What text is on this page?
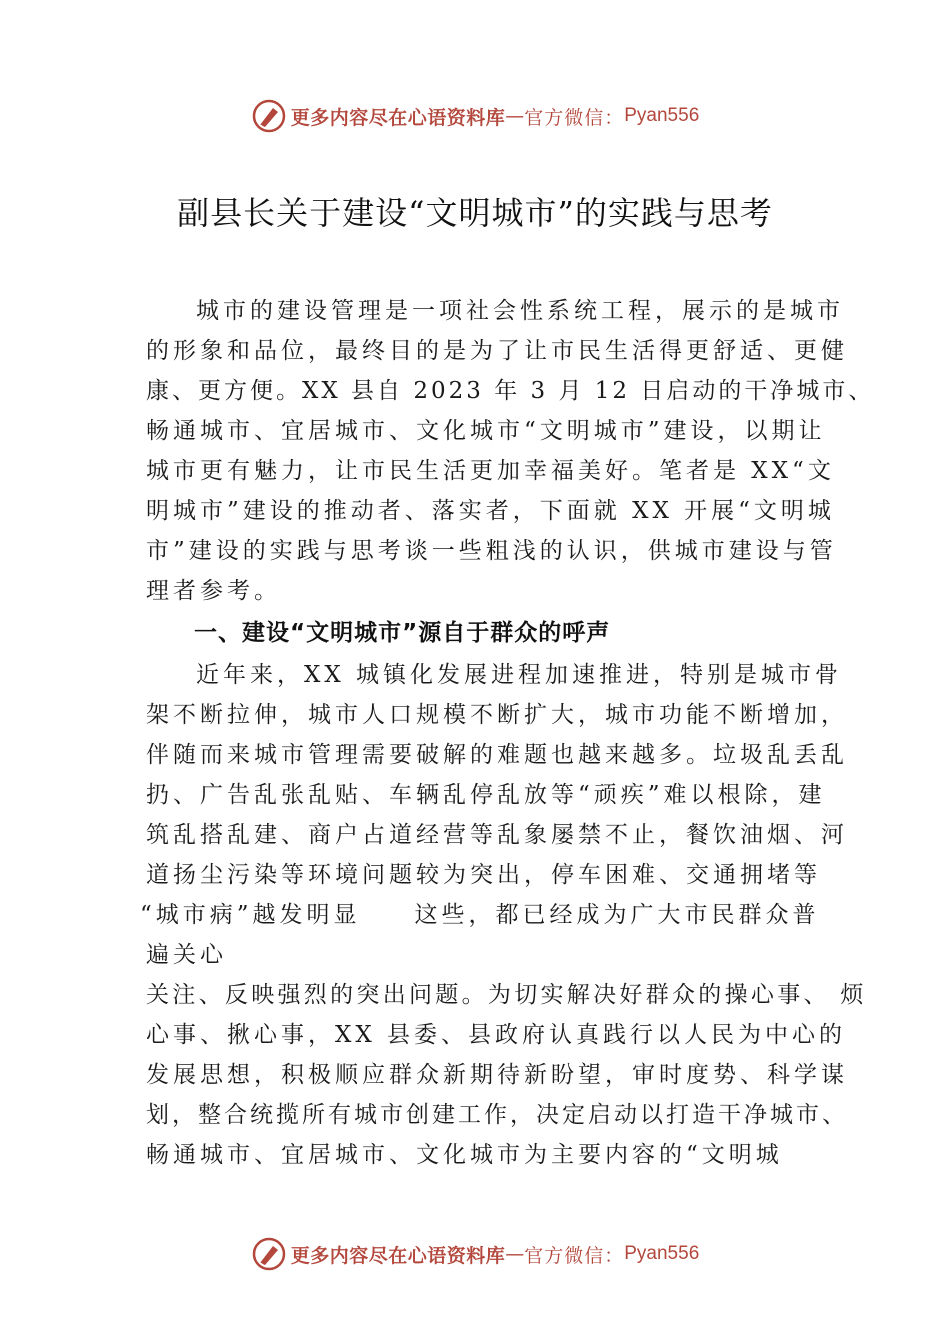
更多内容尽在心语资料库 — 官方微信： Pyan556
副县长关于建设“文明城市”的实践与思考
城市的建设管理是一项社会性系统工程，展示的是城市
的形象和品位，最终目的是为了让市民生活得更舒适、更健
康、更方便。XX 县自 2023 年 3 月 12 日启动的干净城市、
畅通城市、宜居城市、文化城市“文明城市”建设，以期让
城市更有魅力，让市民生活更加幸福美好。笔者是 XX“文
明城市”建设的推动者、落实者，下面就 XX 开展“文明城
市”建设的实践与思考谈一些粗浅的认识，供城市建设与管
理者参考。
一、建设“文明城市”源自于群众的呼声
近年来，XX 城镇化发展进程加速推进，特别是城市骨
架不断拉伸，城市人口规模不断扩大，城市功能不断增加，
伴随而来城市管理需要破解的难题也越来越多。垃圾乱丢乱
扔、广告乱张乱贴、车辆乱停乱放等“顽疾”难以根除，建
筑乱搭乱建、商户占道经营等乱象屡禁不止，餐饮油烟、河
道扬尘污染等环境问题较为突出，停车困难、交通拥堵等
“城市病”越发明显　　这些，都已经成为广大市民群众普
遍关心
关注、反映强烈的突出问题。为切实解决好群众的操心事、 烦
心事、揪心事，XX 县委、县政府认真践行以人民为中心的
发展思想，积极顺应群众新期待新盼望，审时度势、科学谋
划，整合统揽所有城市创建工作，决定启动以打造干净城市、
畅通城市、宜居城市、文化城市为主要内容的“文明城
更多内容尽在心语资料库 — 官方微信： Pyan556
